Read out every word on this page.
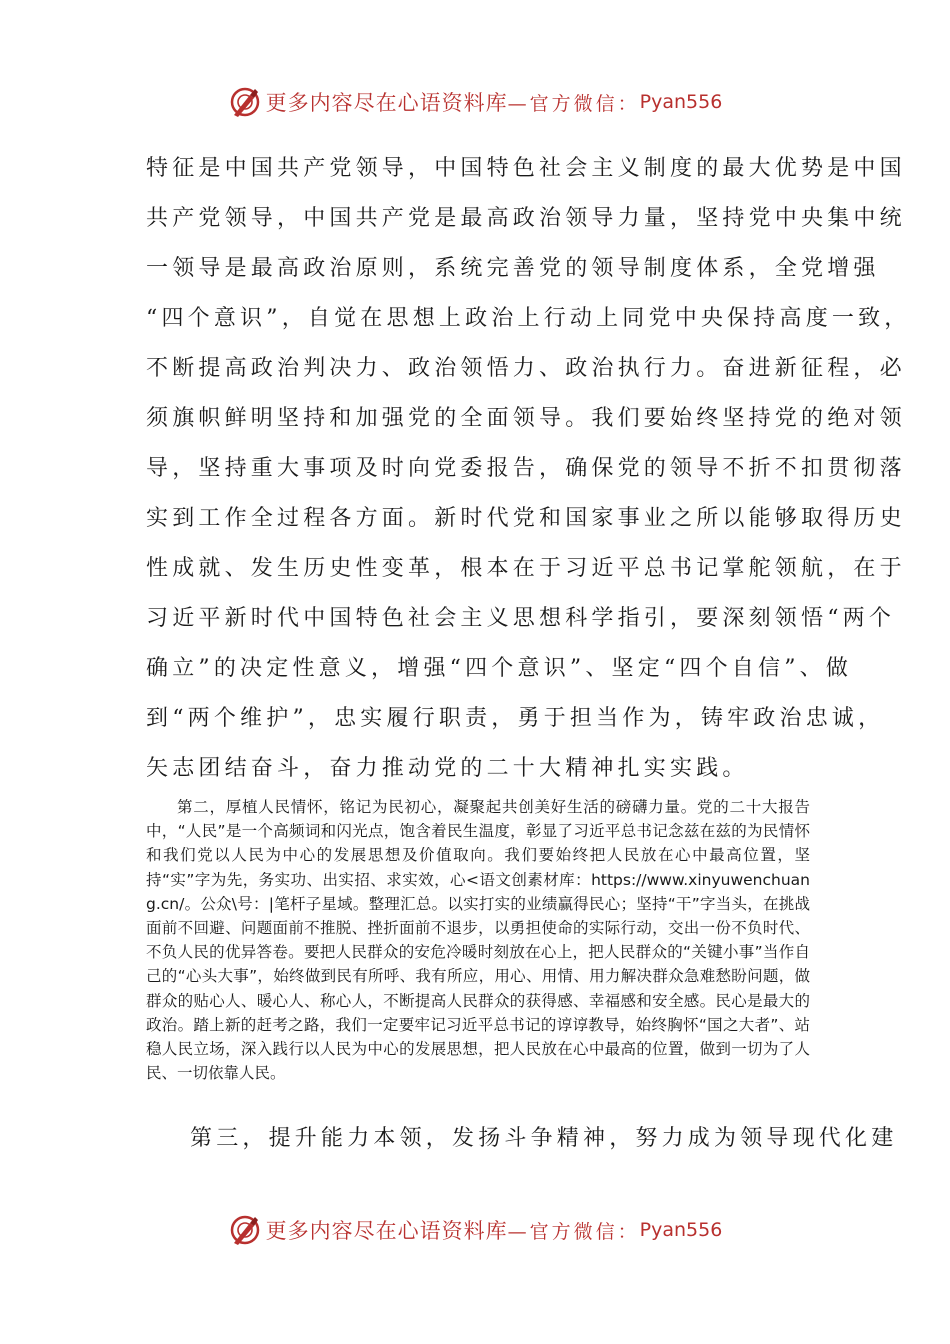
更多内容尽在心语资料库 —官方微信： Pyan556
特征是中国共产党领导，中国特色社会主义制度的最大优势是中国
共产党领导，中国共产党是最高政治领导力量，坚持党中央集中统
一领导是最高政治原则，系统完善党的领导制度体系，全党增强
“四个意识”，自觉在思想上政治上行动上同党中央保持高度一致，
不断提高政治判决力、政治领悟力、政治执行力。奋进新征程，必
须旗帜鲜明坚持和加强党的全面领导。我们要始终坚持党的绝对领
导，坚持重大事项及时向党委报告，确保党的领导不折不扣贯彻落
实到工作全过程各方面。新时代党和国家事业之所以能够取得历史
性成就、发生历史性变革，根本在于习近平总书记掌舵领航，在于
习近平新时代中国特色社会主义思想科学指引，要深刻领悟“两个
确立”的决定性意义，增强“四个意识”、坚定“四个自信”、做
到“两个维护”，忠实履行职责，勇于担当作为，铸牢政治忠诚，
矢志团结奋斗，奋力推动党的二十大精神扎实实践。
第二，厚植人民情怀，铭记为民初心，凝聚起共创美好生活的磅礴力量。党的二十大报告中，“人民”是一个高频词和闪光点，饱含着民生温度，彰显了习近平总书记念兹在兹的为民情怀和我们党以人民为中心的发展思想及价值取向。我们要始终把人民放在心中最高位置，坚持“实”字为先，务实功、出实招、求实效，心<语文创素材库：https://www.xinyuwenchuang.cn/。公众\号：|笔杆子星域。整理汇总。以实打实的业绩赢得民心；坚持“干”字当头，在挑战面前不回避、问题面前不推脱、挫折面前不退步，以勇担使命的实际行动，交出一份不负时代、不负人民的优异答卷。要把人民群众的安危冷暖时刻放在心上，把人民群众的“关键小事”当作自己的“心头大事”，始终做到民有所呼、我有所应，用心、用情、用力解决群众急难愁盼问题，做群众的贴心人、暖心人、称心人，不断提高人民群众的获得感、幸福感和安全感。民心是最大的政治。踏上新的赶考之路，我们一定要牢记习近平总书记的谆谆教导，始终胸怀“国之大者”、站稳人民立场，深入践行以人民为中心的发展思想，把人民放在心中最高的位置，做到一切为了人民、一切依靠人民。
第三，提升能力本领，发扬斗争精神，努力成为领导现代化建
更多内容尽在心语资料库 —官方微信： Pyan556
